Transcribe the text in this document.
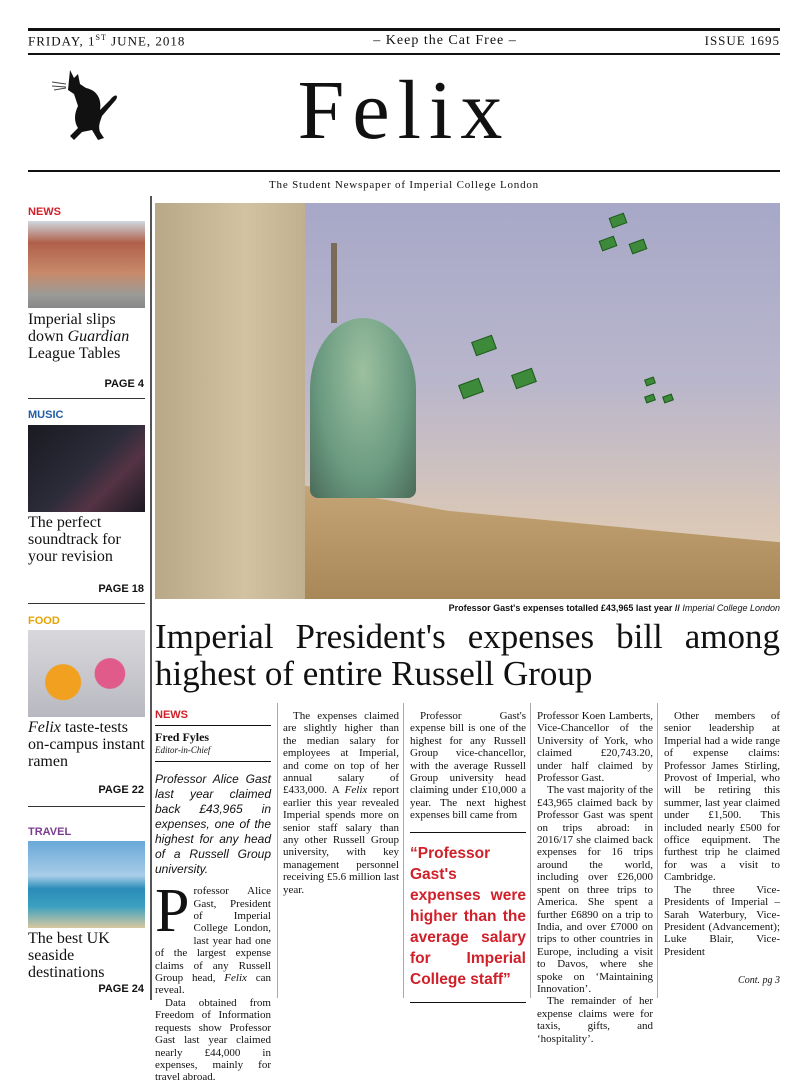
FRIDAY, 1ST JUNE, 2018	– Keep the Cat Free –	ISSUE 1695
Felix
The Student Newspaper of Imperial College London
NEWS
Imperial slips down Guardian League Tables
PAGE 4
MUSIC
The perfect soundtrack for your revision
PAGE 18
FOOD
Felix taste-tests on-campus instant ramen
PAGE 22
TRAVEL
The best UK seaside destinations
PAGE 24
Professor Gast's expenses totalled £43,965 last year // Imperial College London
Imperial President's expenses bill among highest of entire Russell Group
NEWS
Fred Fyles
Editor-in-Chief
Professor Alice Gast last year claimed back £43,965 in expenses, one of the highest for any head of a Russell Group university.

Professor Alice Gast, President of Imperial College London, last year had one of the largest expense claims of any Russell Group head, Felix can reveal.

Data obtained from Freedom of Information requests show Professor Gast last year claimed nearly £44,000 in expenses, mainly for travel abroad.

The expenses claimed are slightly higher than the median salary for employees at Imperial, and come on top of her annual salary of £433,000. A Felix report earlier this year revealed Imperial spends more on senior staff salary than any other Russell Group university, with key management personnel receiving £5.6 million last year.

Professor Gast's expense bill is one of the highest for any Russell Group vice-chancellor, with the average Russell Group university head claiming under £10,000 a year. The next highest expenses bill came from

“Professor Gast's expenses were higher than the average salary for Imperial College staff”

Professor Koen Lamberts, Vice-Chancellor of the University of York, who claimed £20,743.20, under half claimed by Professor Gast.

The vast majority of the £43,965 claimed back by Professor Gast was spent on trips abroad: in 2016/17 she claimed back expenses for 16 trips around the world, including over £26,000 spent on three trips to America. She spent a further £6890 on a trip to India, and over £7000 on trips to other countries in Europe, including a visit to Davos, where she spoke on ‘Maintaining Innovation’.

The remainder of her expense claims were for taxis, gifts, and ‘hospitality’.

Other members of senior leadership at Imperial had a wide range of expense claims: Professor James Stirling, Provost of Imperial, who will be retiring this summer, last year claimed under £1,500. This included nearly £500 for office equipment. The furthest trip he claimed for was a visit to Cambridge.

The three Vice-Presidents of Imperial – Sarah Waterbury, Vice-President (Advancement); Luke Blair, Vice-President

Cont. pg 3
